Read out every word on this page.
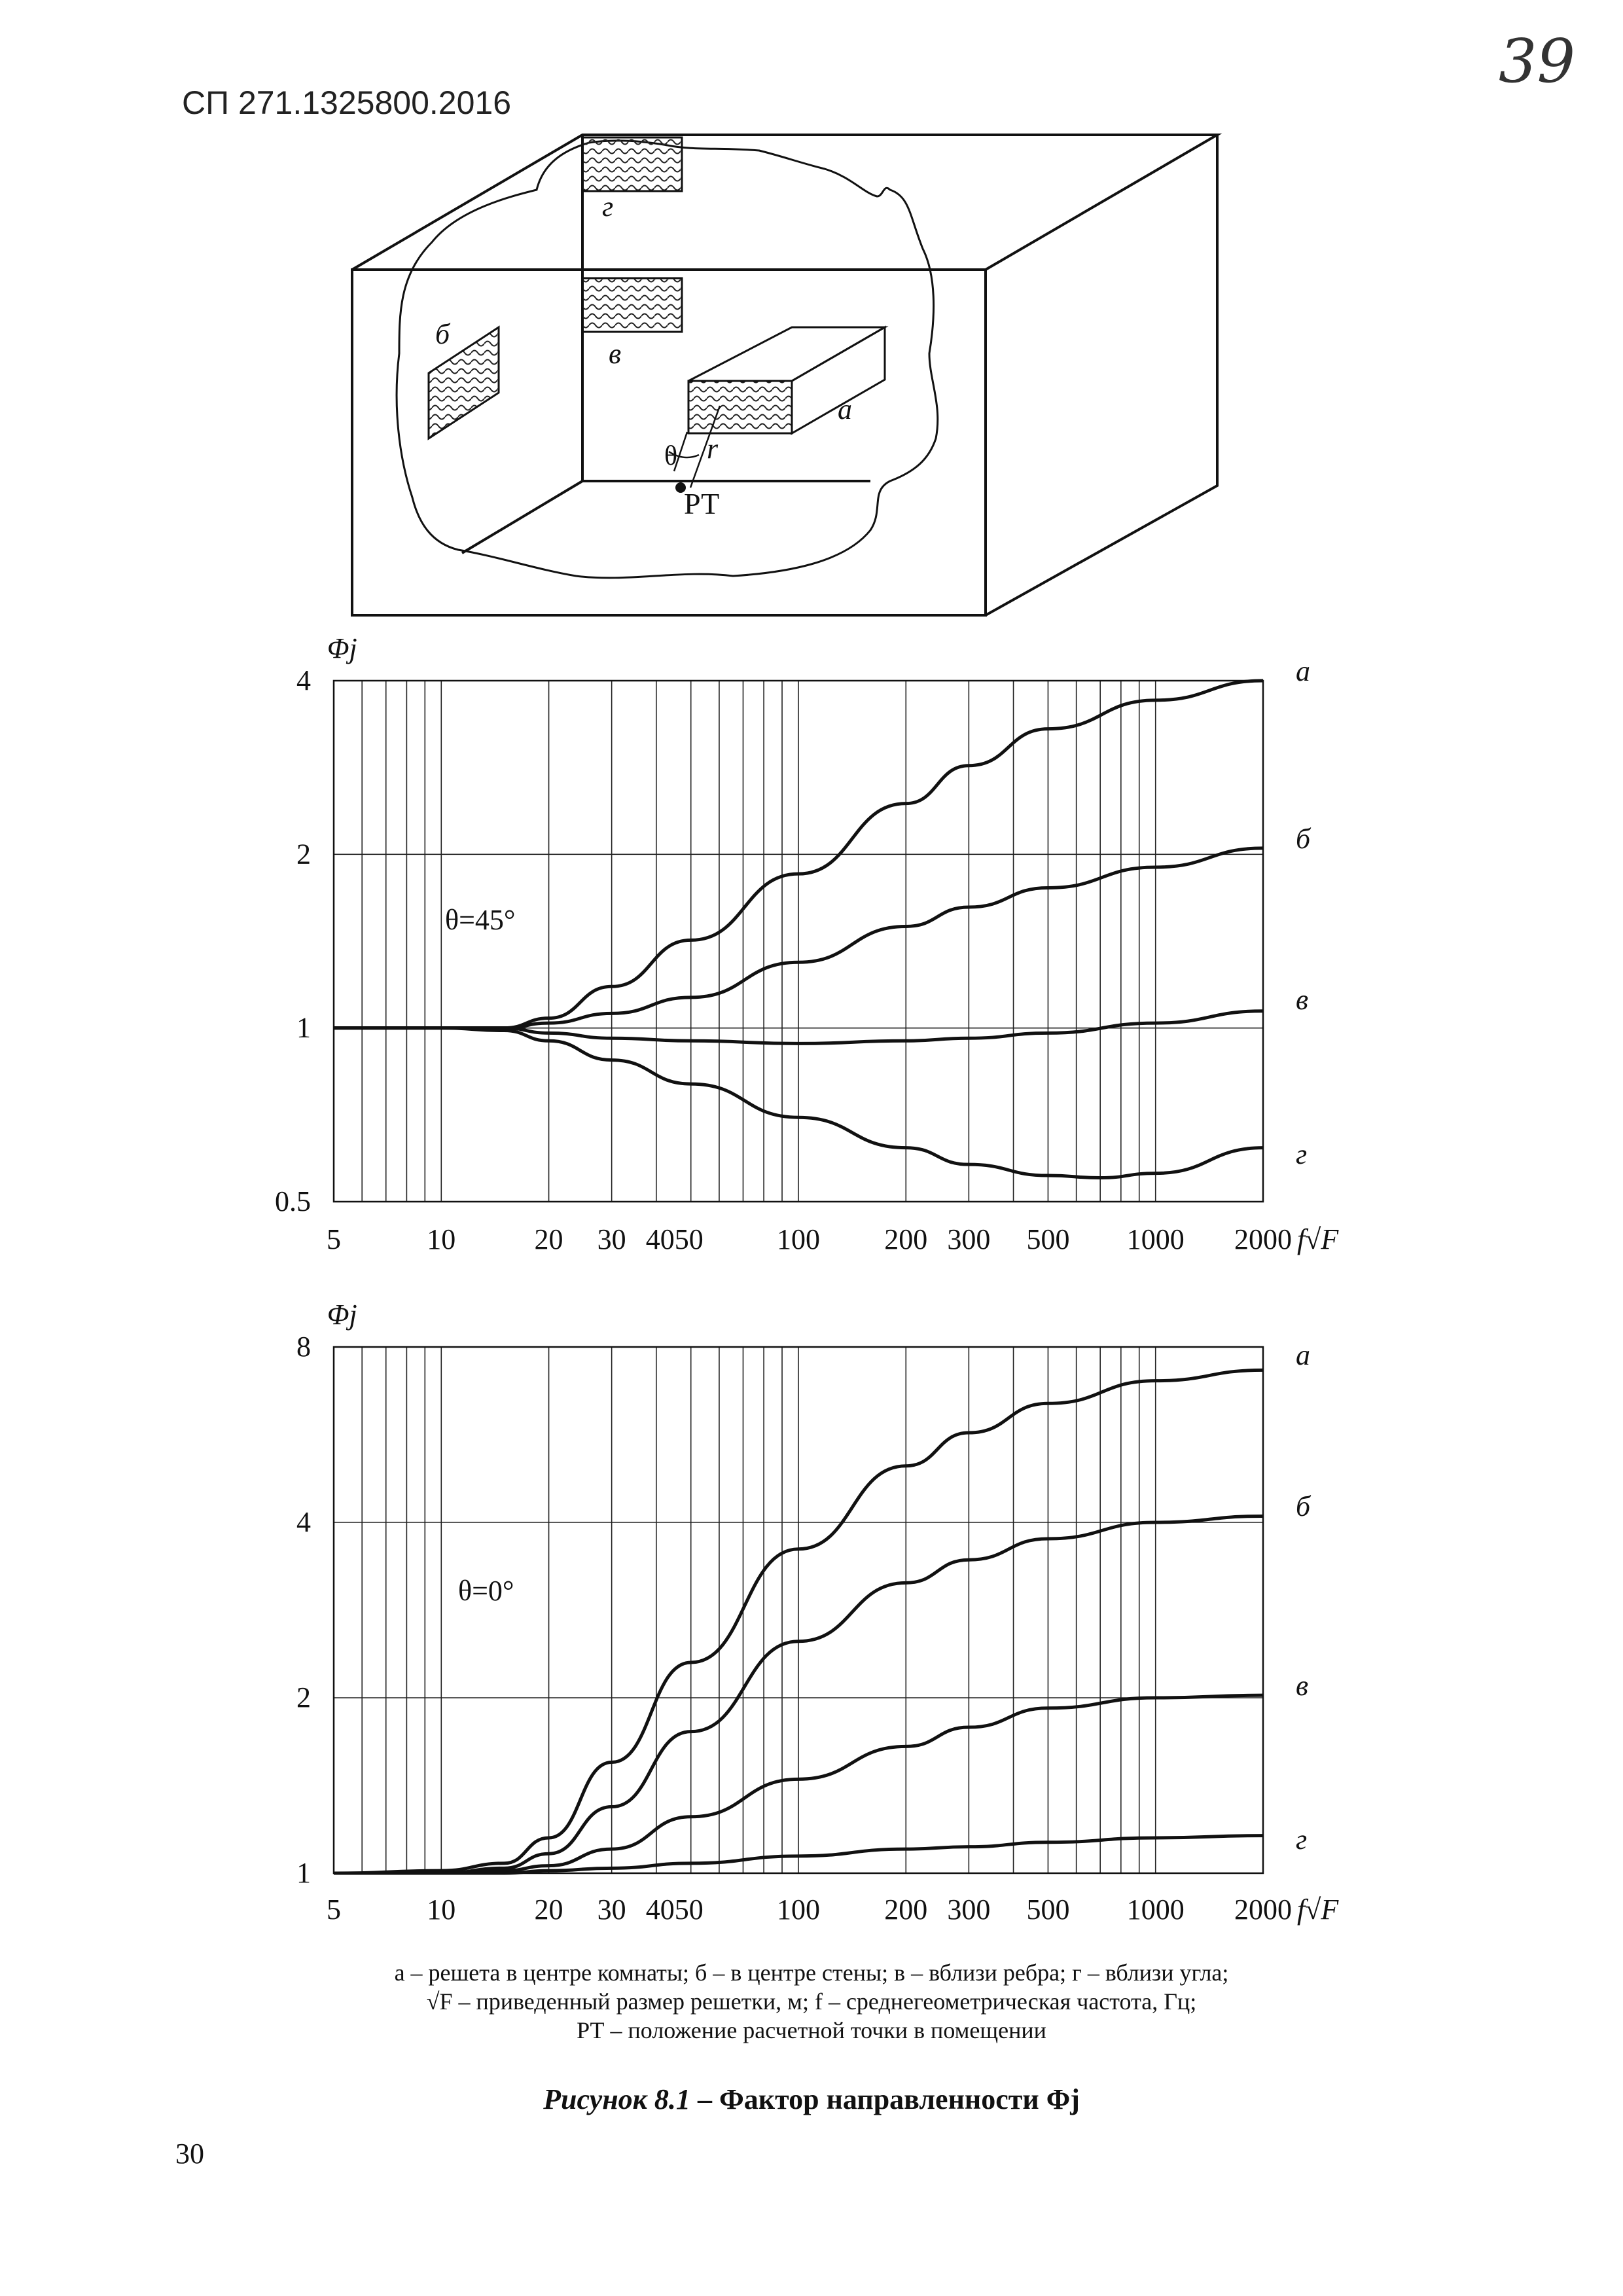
СП 271.1325800.2016
39
г
в
б
а
r
θ
РТ
0.5
1
2
4
5	10	20 30 4050	100 200 300 500 1000 2000
Φj
f√F
θ=45°
а
б
в
г
1
2
4
8
5	10	20 30 4050	100 200 300 500 1000 2000
Φj
f√F
θ=0°
а
б
в
г
а – решета в центре комнаты; б – в центре стены; в – вблизи ребра; г – вблизи угла;
√F – приведенный размер решетки, м; f – среднегеометрическая частота, Гц;
РТ – положение расчетной точки в помещении
Рисунок 8.1 – Фактор направленности Φj
30
